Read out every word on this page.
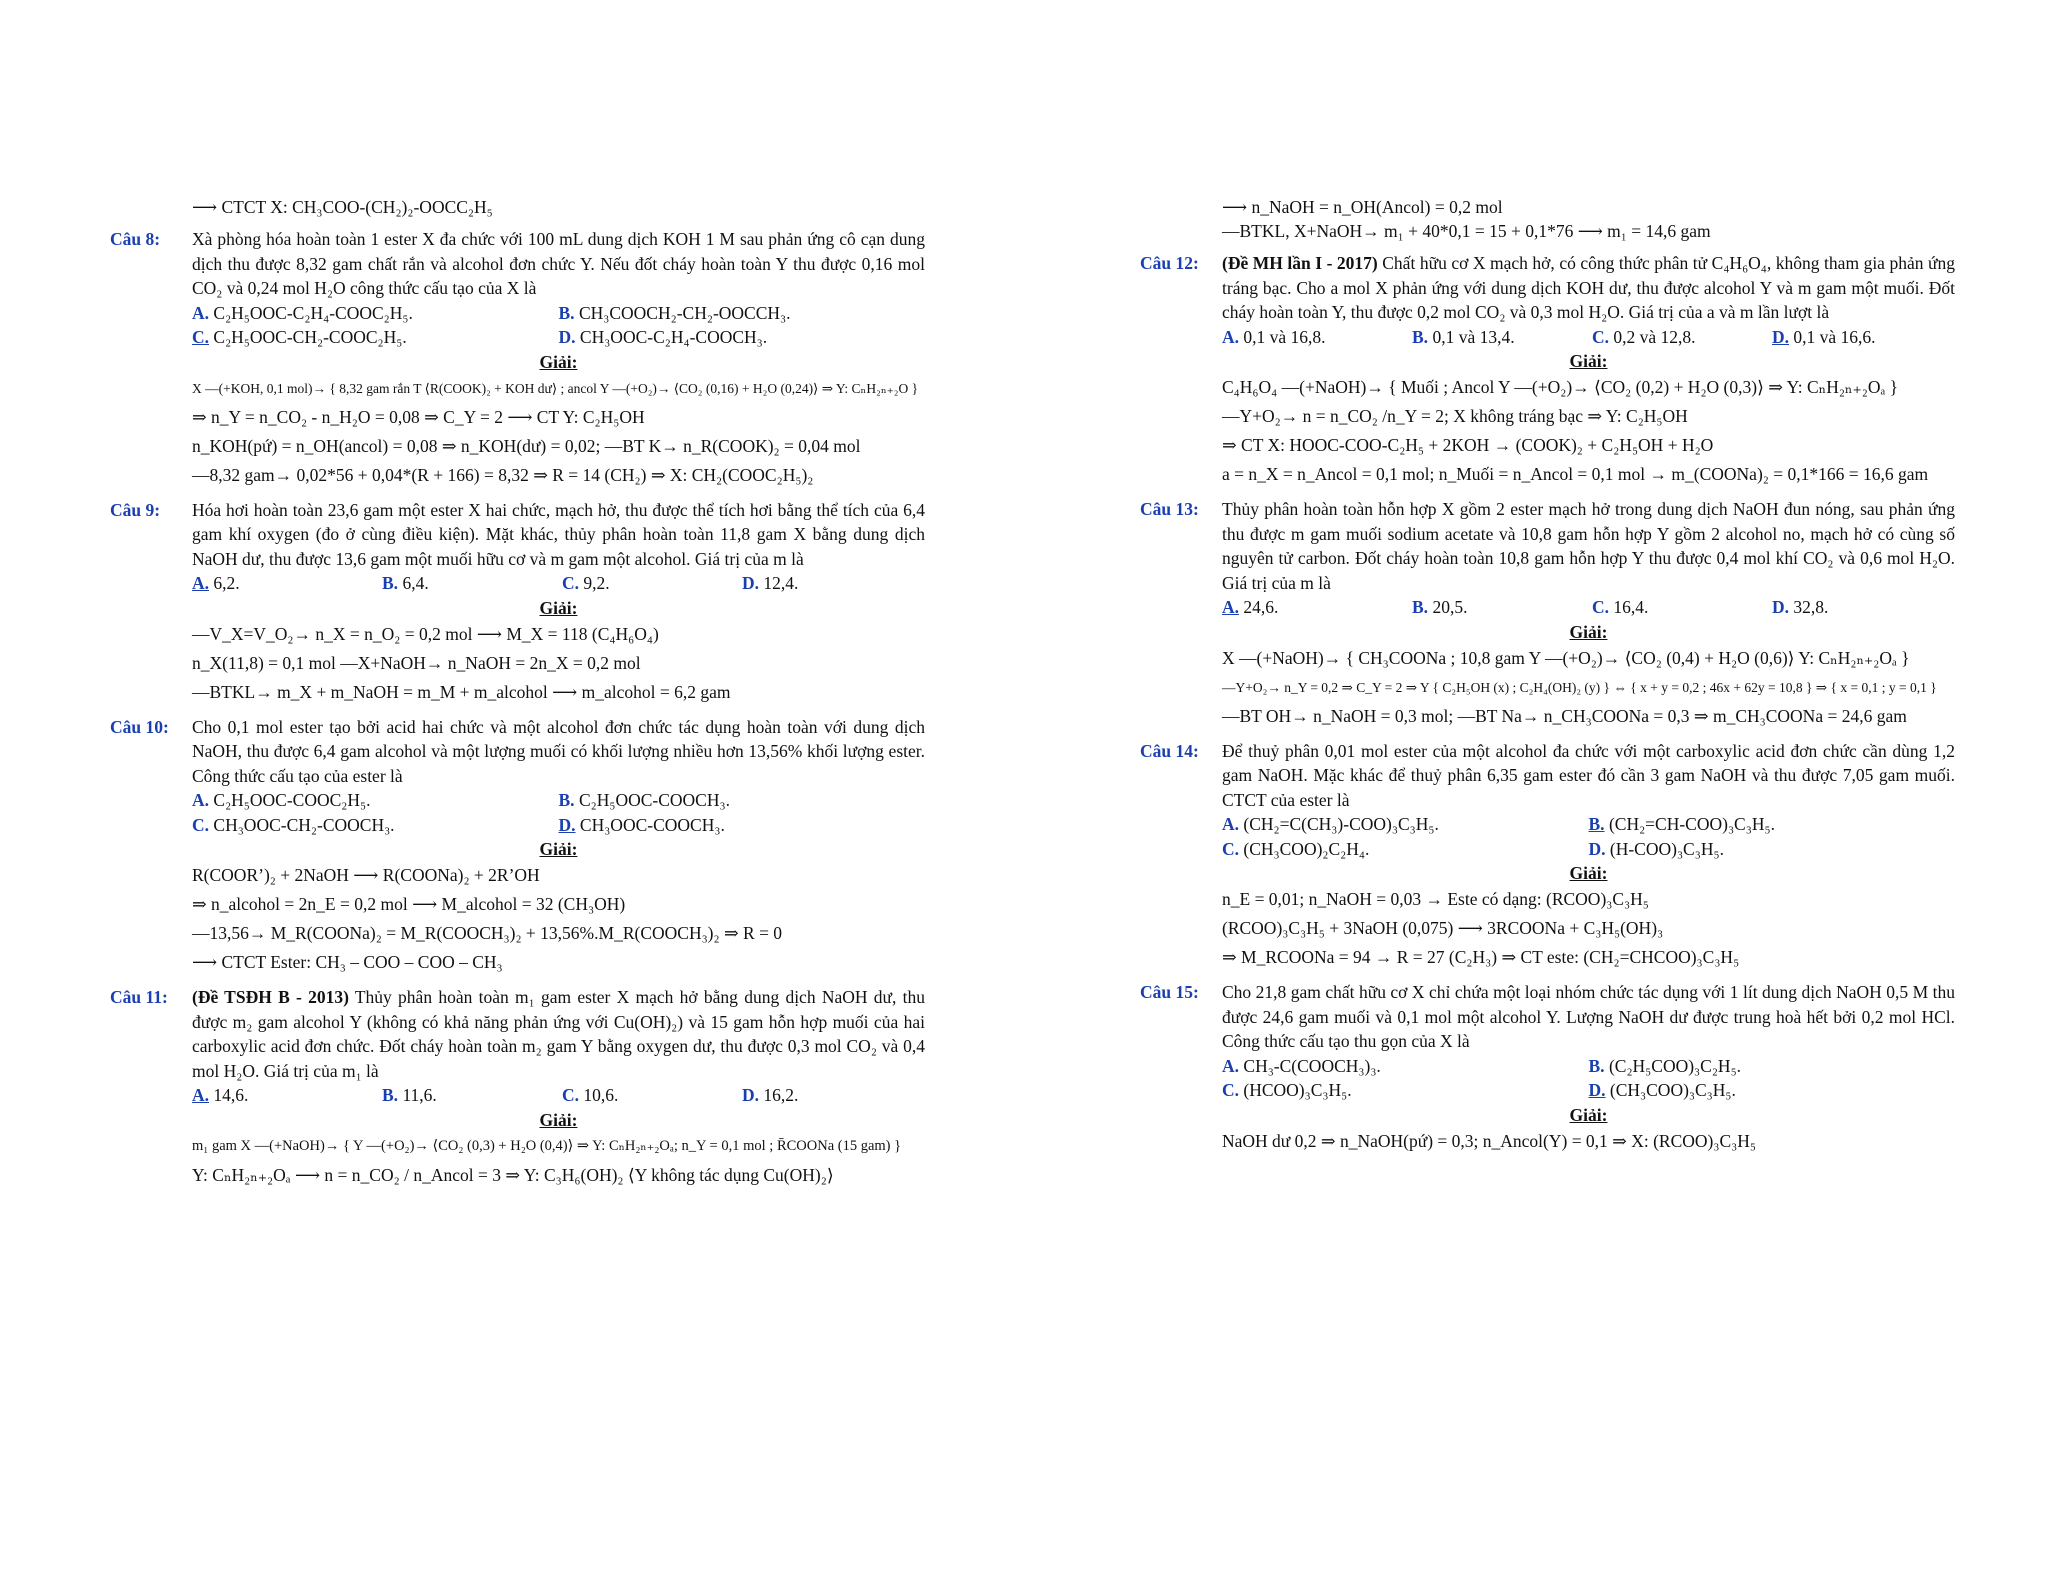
⟶ CTCT X: CH₃COO-(CH₂)₂-OOCC₂H₅
Câu 8: Xà phòng hóa hoàn toàn 1 ester X đa chức với 100 mL dung dịch KOH 1 M sau phản ứng cô cạn dung dịch thu được 8,32 gam chất rắn và alcohol đơn chức Y. Nếu đốt cháy hoàn toàn Y thu được 0,16 mol CO₂ và 0,24 mol H₂O công thức cấu tạo của X là
A. C₂H₅OOC-C₂H₄-COOC₂H₅.	B. CH₃COOCH₂-CH₂-OOCCH₃.
C. C₂H₅OOC-CH₂-COOC₂H₅.	D. CH₃OOC-C₂H₄-COOCH₃.
Giải:
X —(+KOH, 0,1 mol)→ { 8,32 gam rắn T ⟨R(COOK)₂ + KOH dư⟩ ; ancol Y —(+O₂)→ ⟨CO₂ (0,16) + H₂O (0,24)⟩ ⇒ Y: CₙH₂ₙ₊₂O }
⇒ n_Y = n_CO₂ - n_H₂O = 0,08 ⇒ C_Y = 2 ⟶ CT Y: C₂H₅OH
n_KOH(pứ) = n_OH(ancol) = 0,08 ⇒ n_KOH(dư) = 0,02; —BT K→ n_R(COOK)₂ = 0,04 mol
—8,32 gam→ 0,02*56 + 0,04*(R + 166) = 8,32 ⇒ R = 14 (CH₂) ⇒ X: CH₂(COOC₂H₅)₂
Câu 9: Hóa hơi hoàn toàn 23,6 gam một ester X hai chức, mạch hở, thu được thể tích hơi bằng thể tích của 6,4 gam khí oxygen (đo ở cùng điều kiện). Mặt khác, thủy phân hoàn toàn 11,8 gam X bằng dung dịch NaOH dư, thu được 13,6 gam một muối hữu cơ và m gam một alcohol. Giá trị của m là
A. 6,2.	B. 6,4.	C. 9,2.	D. 12,4.
Giải:
—V_X=V_O₂→ n_X = n_O₂ = 0,2 mol ⟶ M_X = 118 (C₄H₆O₄)
n_X(11,8) = 0,1 mol —X+NaOH→ n_NaOH = 2n_X = 0,2 mol
—BTKL→ m_X + m_NaOH = m_M + m_alcohol ⟶ m_alcohol = 6,2 gam
Câu 10: Cho 0,1 mol ester tạo bởi acid hai chức và một alcohol đơn chức tác dụng hoàn toàn với dung dịch NaOH, thu được 6,4 gam alcohol và một lượng muối có khối lượng nhiều hơn 13,56% khối lượng ester. Công thức cấu tạo của ester là
A. C₂H₅OOC-COOC₂H₅.	B. C₂H₅OOC-COOCH₃.
C. CH₃OOC-CH₂-COOCH₃.	D. CH₃OOC-COOCH₃.
Giải:
R(COOR’)₂ + 2NaOH ⟶ R(COONa)₂ + 2R’OH
⇒ n_alcohol = 2n_E = 0,2 mol ⟶ M_alcohol = 32 (CH₃OH)
—13,56→ M_R(COONa)₂ = M_R(COOCH₃)₂ + 13,56%.M_R(COOCH₃)₂ ⇒ R = 0
⟶ CTCT Ester: CH₃ – COO – COO – CH₃
Câu 11: (Đề TSĐH B - 2013) Thủy phân hoàn toàn m₁ gam ester X mạch hở bằng dung dịch NaOH dư, thu được m₂ gam alcohol Y (không có khả năng phản ứng với Cu(OH)₂) và 15 gam hỗn hợp muối của hai carboxylic acid đơn chức. Đốt cháy hoàn toàn m₂ gam Y bằng oxygen dư, thu được 0,3 mol CO₂ và 0,4 mol H₂O. Giá trị của m₁ là
A. 14,6.	B. 11,6.	C. 10,6.	D. 16,2.
Giải:
m₁ gam X —(+NaOH)→ { Y —(+O₂)→ ⟨CO₂ (0,3) + H₂O (0,4)⟩ ⇒ Y: CₙH₂ₙ₊₂Oₐ; n_Y = 0,1 mol ; R̄COONa (15 gam) }
Y: CₙH₂ₙ₊₂Oₐ ⟶ n = n_CO₂ / n_Ancol = 3 ⇒ Y: C₃H₆(OH)₂ ⟨Y không tác dụng Cu(OH)₂⟩
⟶ n_NaOH = n_OH(Ancol) = 0,2 mol
—BTKL, X+NaOH→ m₁ + 40*0,1 = 15 + 0,1*76 ⟶ m₁ = 14,6 gam
Câu 12: (Đề MH lần I - 2017) Chất hữu cơ X mạch hở, có công thức phân tử C₄H₆O₄, không tham gia phản ứng tráng bạc. Cho a mol X phản ứng với dung dịch KOH dư, thu được alcohol Y và m gam một muối. Đốt cháy hoàn toàn Y, thu được 0,2 mol CO₂ và 0,3 mol H₂O. Giá trị của a và m lần lượt là
A. 0,1 và 16,8.	B. 0,1 và 13,4.	C. 0,2 và 12,8.	D. 0,1 và 16,6.
Giải:
C₄H₆O₄ —(+NaOH)→ { Muối ; Ancol Y —(+O₂)→ ⟨CO₂ (0,2) + H₂O (0,3)⟩ ⇒ Y: CₙH₂ₙ₊₂Oₐ }
—Y+O₂→ n = n_CO₂ /n_Y = 2; X không tráng bạc ⇒ Y: C₂H₅OH
⇒ CT X: HOOC-COO-C₂H₅ + 2KOH → (COOK)₂ + C₂H₅OH + H₂O
a = n_X = n_Ancol = 0,1 mol; n_Muối = n_Ancol = 0,1 mol → m_(COONa)₂ = 0,1*166 = 16,6 gam
Câu 13: Thủy phân hoàn toàn hỗn hợp X gồm 2 ester mạch hở trong dung dịch NaOH đun nóng, sau phản ứng thu được m gam muối sodium acetate và 10,8 gam hỗn hợp Y gồm 2 alcohol no, mạch hở có cùng số nguyên tử carbon. Đốt cháy hoàn toàn 10,8 gam hỗn hợp Y thu được 0,4 mol khí CO₂ và 0,6 mol H₂O. Giá trị của m là
A. 24,6.	B. 20,5.	C. 16,4.	D. 32,8.
Giải:
X —(+NaOH)→ { CH₃COONa ; 10,8 gam Y —(+O₂)→ ⟨CO₂ (0,4) + H₂O (0,6)⟩ Y: CₙH₂ₙ₊₂Oₐ }
—Y+O₂→ n_Y = 0,2 ⇒ C_Y = 2 ⇒ Y { C₂H₅OH (x) ; C₂H₄(OH)₂ (y) } ⇔ { x + y = 0,2 ; 46x + 62y = 10,8 } ⇒ { x = 0,1 ; y = 0,1 }
—BT OH→ n_NaOH = 0,3 mol; —BT Na→ n_CH₃COONa = 0,3 ⇒ m_CH₃COONa = 24,6 gam
Câu 14: Để thuỷ phân 0,01 mol ester của một alcohol đa chức với một carboxylic acid đơn chức cần dùng 1,2 gam NaOH. Mặc khác để thuỷ phân 6,35 gam ester đó cần 3 gam NaOH và thu được 7,05 gam muối. CTCT của ester là
A. (CH₂=C(CH₃)-COO)₃C₃H₅.	B. (CH₂=CH-COO)₃C₃H₅.
C. (CH₃COO)₂C₂H₄.	D. (H-COO)₃C₃H₅.
Giải:
n_E = 0,01; n_NaOH = 0,03 → Este có dạng: (RCOO)₃C₃H₅
(RCOO)₃C₃H₅ + 3NaOH (0,075) ⟶ 3RCOONa + C₃H₅(OH)₃
⇒ M_RCOONa = 94 → R = 27 (C₂H₃) ⇒ CT este: (CH₂=CHCOO)₃C₃H₅
Câu 15: Cho 21,8 gam chất hữu cơ X chỉ chứa một loại nhóm chức tác dụng với 1 lít dung dịch NaOH 0,5 M thu được 24,6 gam muối và 0,1 mol một alcohol Y. Lượng NaOH dư được trung hoà hết bởi 0,2 mol HCl. Công thức cấu tạo thu gọn của X là
A. CH₃-C(COOCH₃)₃.	B. (C₂H₅COO)₃C₂H₅.
C. (HCOO)₃C₃H₅.	D. (CH₃COO)₃C₃H₅.
Giải:
NaOH dư 0,2 ⇒ n_NaOH(pứ) = 0,3; n_Ancol(Y) = 0,1 ⇒ X: (RCOO)₃C₃H₅
